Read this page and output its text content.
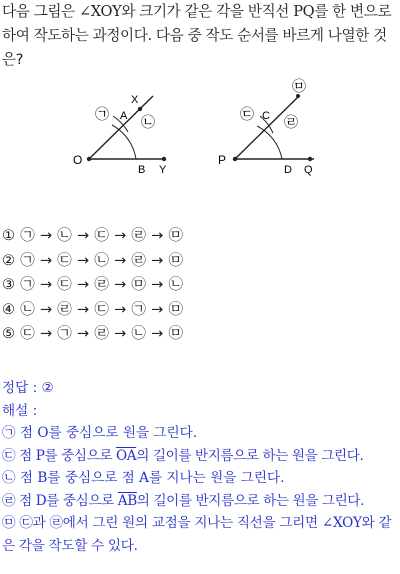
다음 그림은 ∠XOY와 크기가 같은 각을 반직선 PQ를 한 변으로 하여 작도하는 과정이다. 다음 중 작도 순서를 바르게 나열한 것은?
O
X
A
B Y
㉠ ㉡
P
C
D Q
㉢ ㉣
㉤
① ㉠ → ㉡ → ㉢ → ㉣ → ㉤
② ㉠ → ㉢ → ㉡ → ㉣ → ㉤
③ ㉠ → ㉢ → ㉣ → ㉤ → ㉡
④ ㉡ → ㉣ → ㉢ → ㉠ → ㉤
⑤ ㉢ → ㉠ → ㉣ → ㉡ → ㉤
정답 : ②
해설 :
㉠ 점 O를 중심으로 원을 그린다.
㉢ 점 P를 중심으로 $\overline{OA}$의 길이를 반지름으로 하는 원을 그린다.
㉡ 점 B를 중심으로 점 A를 지나는 원을 그린다.
㉣ 점 D를 중심으로 $\overline{AB}$의 길이를 반지름으로 하는 원을 그린다.
㉤ ㉢과 ㉣에서 그린 원의 교점을 지나는 직선을 그리면 ∠XOY와 같은 각을 작도할 수 있다.
